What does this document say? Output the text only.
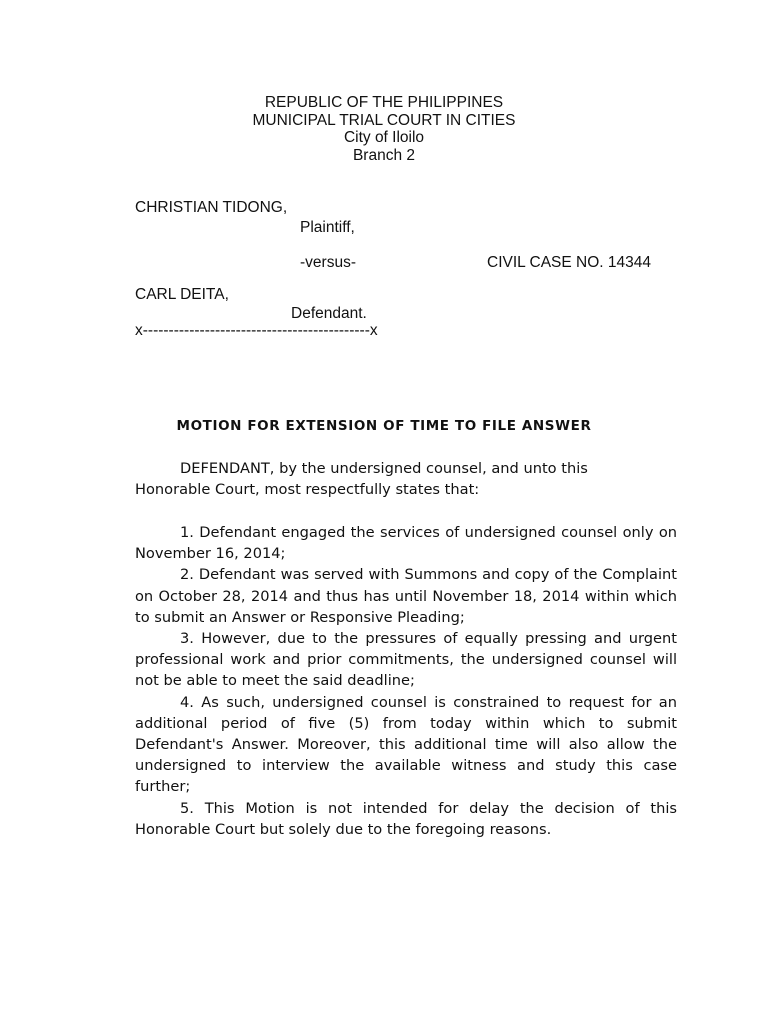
REPUBLIC OF THE PHILIPPINES
MUNICIPAL TRIAL COURT IN CITIES
City of Iloilo
Branch 2
CHRISTIAN TIDONG,
Plaintiff,
-versus-	CIVIL CASE NO. 14344
CARL DEITA,
Defendant.
x--------------------------------------------x
MOTION FOR EXTENSION OF TIME TO FILE ANSWER
DEFENDANT, by the undersigned counsel, and unto this
Honorable Court, most respectfully states that:

1. Defendant engaged the services of undersigned counsel only on November 16, 2014;

2. Defendant was served with Summons and copy of the Complaint on October 28, 2014 and thus has until November 18, 2014 within which to submit an Answer or Responsive Pleading;

3. However, due to the pressures of equally pressing and urgent professional work and prior commitments, the undersigned counsel will not be able to meet the said deadline;

4. As such, undersigned counsel is constrained to request for an additional period of five (5) from today within which to submit Defendant's Answer. Moreover, this additional time will also allow the undersigned to interview the available witness and study this case further;

5. This Motion is not intended for delay the decision of this Honorable Court but solely due to the foregoing reasons.
